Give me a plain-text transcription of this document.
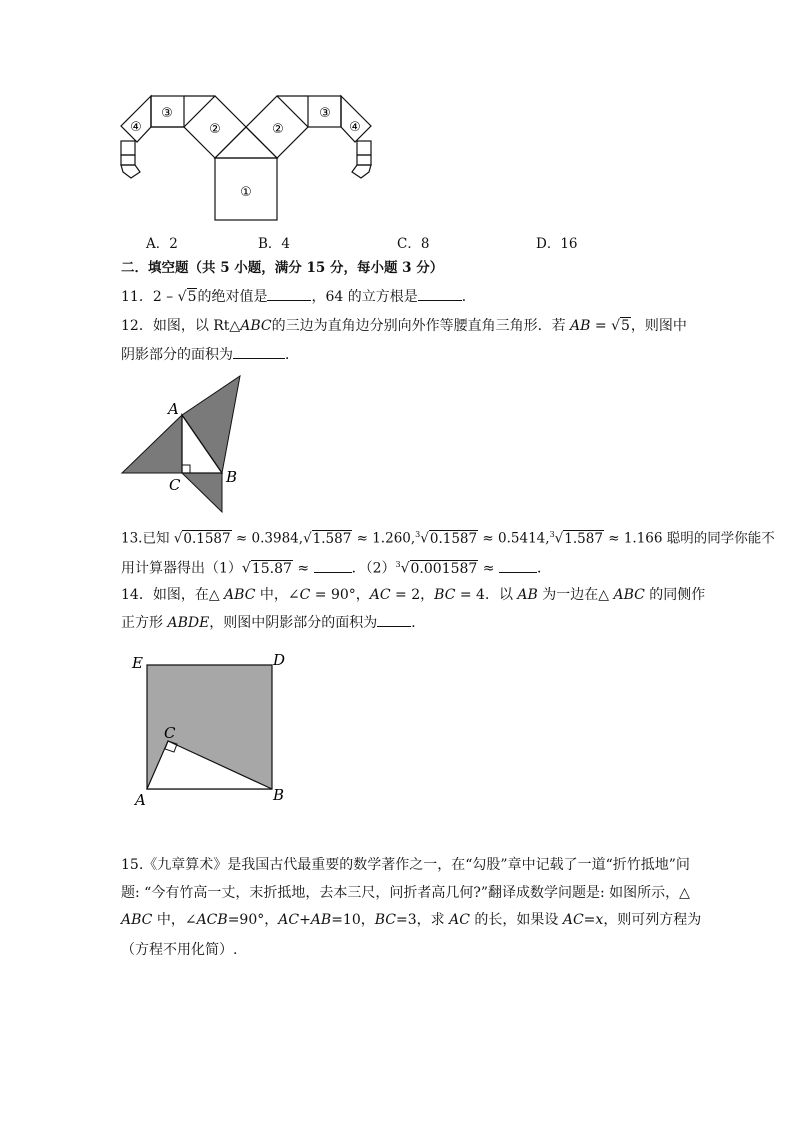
①
②	②
③	③
④	④
A．2	B．4	C．8	D．16
二．填空题（共 5 小题，满分 15 分，每小题 3 分）
11．2 – √5的绝对值是	，64 的立方根是	．
12．如图，以 Rt△ABC的三边为直角边分别向外作等腰直角三角形．若 AB = √5，则图中
阴影部分的面积为	．
A
C	B
13.已知 √0.1587 ≈ 0.3984,√1.587 ≈ 1.260,$^3$√0.1587 ≈ 0.5414,$^3$√1.587 ≈ 1.166 聪明的同学你能不
用计算器得出（1）√15.87 ≈	．$(2)^3√0.001587$ ≈	．
14．如图，在△ ABC 中，∠C = 90°，AC = 2，BC = 4．以 AB 为一边在△ ABC 的同侧作
正方形 ABDE，则图中阴影部分的面积为 ．
E	D
C
A	B
15.《九章算术》是我国古代最重要的数学著作之一，在“勾股”章中记载了一道“折竹抵地”问
题: “今有竹高一丈，末折抵地，去本三尺，问折者高几何?”翻译成数学问题是: 如图所示，△
ABC 中，∠ACB=90°，AC+AB=10，BC=3，求 AC 的长，如果设 AC=x，则可列方程为
（方程不用化简）.
